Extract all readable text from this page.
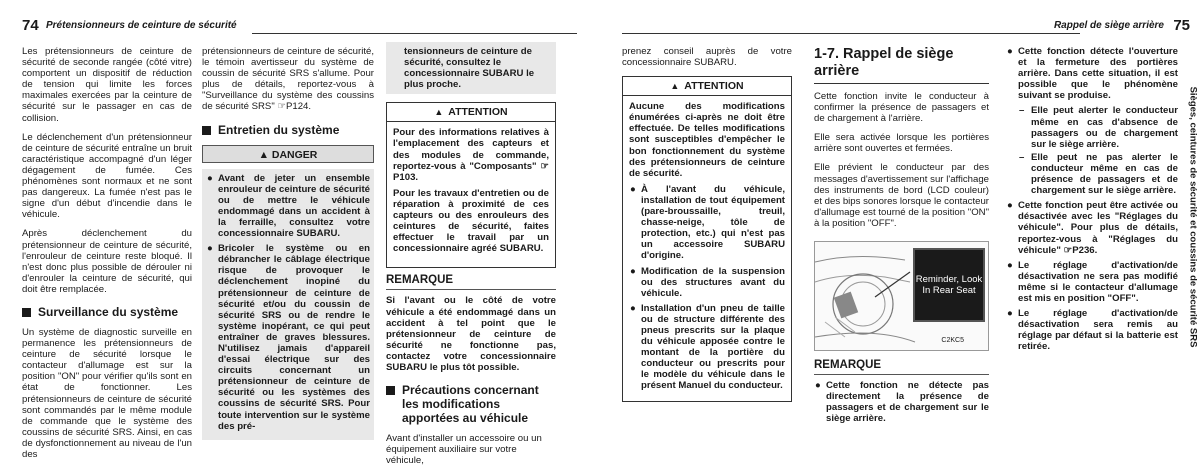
74 Prétensionneurs de ceinture de sécurité

Les prétensionneurs de ceinture de sécurité de seconde rangée (côté vitre) comportent un dispositif de réduction de tension qui limite les forces maximales exercées par la ceinture de sécurité sur le passager en cas de collision.

Le déclenchement d'un prétensionneur de ceinture de sécurité entraîne un bruit caractéristique accompagné d'un léger dégagement de fumée. Ces phénomènes sont normaux et ne sont pas dangereux. La fumée n'est pas le signe d'un début d'incendie dans le véhicule.

Après déclenchement du prétensionneur de ceinture de sécurité, l'enrouleur de ceinture reste bloqué. Il n'est donc plus possible de dérouler ni d'enrouler la ceinture de sécurité, qui doit être remplacée.

Surveillance du système

Un système de diagnostic surveille en permanence les prétensionneurs de ceinture de sécurité lorsque le contacteur d'allumage est sur la position "ON" pour vérifier qu'ils sont en état de fonctionner. Les prétensionneurs de ceinture de sécurité sont commandés par le même module de commande que le système des coussins de sécurité SRS. Ainsi, en cas de dysfonctionnement au niveau de l'un des

prétensionneurs de ceinture de sécurité, le témoin avertisseur du système de coussin de sécurité SRS s'allume. Pour plus de détails, reportez-vous à "Surveillance du système des coussins de sécurité SRS" ☞P124.

Entretien du système
▲ DANGER
● Avant de jeter un ensemble enrouleur de ceinture de sécurité ou de mettre le véhicule endommagé dans un accident à la ferraille, consultez votre concessionnaire SUBARU.
● Bricoler le système ou en débrancher le câblage électrique risque de provoquer le déclenchement inopiné du prétensionneur de ceinture de sécurité et/ou du coussin de sécurité SRS ou de rendre le système inopérant, ce qui peut entraîner de graves blessures. N'utilisez jamais d'appareil d'essai électrique sur des circuits concernant un prétensionneur de ceinture de sécurité ou les systèmes des coussins de sécurité SRS. Pour toute intervention sur le système des pré-
tensionneurs de ceinture de sécurité, consultez le concessionnaire SUBARU le plus proche.
▲ ATTENTION

Pour des informations relatives à l'emplacement des capteurs et des modules de commande, reportez-vous à "Composants" ☞P103.

Pour les travaux d'entretien ou de réparation à proximité de ces capteurs ou des enrouleurs des ceintures de sécurité, faites effectuer le travail par un concessionnaire agréé SUBARU.

REMARQUE

Si l'avant ou le côté de votre véhicule a été endommagé dans un accident à tel point que le prétensionneur de ceinture de sécurité ne fonctionne pas, contactez votre concessionnaire SUBARU le plus tôt possible.

Précautions concernant les modifications apportées au véhicule

Avant d'installer un accessoire ou un équipement auxiliaire sur votre véhicule,

Rappel de siège arrière 75
Sièges, ceintures de sécurité et coussins de sécurité SRS

prenez conseil auprès de votre concessionnaire SUBARU.

▲ ATTENTION

Aucune des modifications énumérées ci-après ne doit être effectuée. De telles modifications sont susceptibles d'empêcher le bon fonctionnement du système des prétensionneurs de ceinture de sécurité.

● À l'avant du véhicule, installation de tout équipement (pare-broussaille, treuil, chasse-neige, tôle de protection, etc.) qui n'est pas un accessoire SUBARU d'origine.
● Modification de la suspension ou des structures avant du véhicule.
● Installation d'un pneu de taille ou de structure différente des pneus prescrits sur la plaque du véhicule apposée contre le montant de la portière du conducteur ou prescrits pour le modèle du véhicule dans le présent Manuel du conducteur.
1-7. Rappel de siège arrière

Cette fonction invite le conducteur à confirmer la présence de passagers et de chargement à l'arrière.

Elle sera activée lorsque les portières arrière sont ouvertes et fermées.

Elle prévient le conducteur par des messages d'avertissement sur l'affichage des instruments de bord (LCD couleur) et des bips sonores lorsque le contacteur d'allumage est tourné de la position "ON" à la position "OFF".

Reminder, Look In Rear Seat
C2KC5
REMARQUE
● Cette fonction ne détecte pas directement la présence de passagers et de chargement sur le siège arrière.
● Cette fonction détecte l'ouverture et la fermeture des portières arrière. Dans cette situation, il est possible que le phénomène suivant se produise.
– Elle peut alerter le conducteur même en cas d'absence de passagers ou de chargement sur le siège arrière.
– Elle peut ne pas alerter le conducteur même en cas de présence de passagers et de chargement sur le siège arrière.
● Cette fonction peut être activée ou désactivée avec les "Réglages du véhicule". Pour plus de détails, reportez-vous à "Réglages du véhicule" ☞P236.
● Le réglage d'activation/de désactivation ne sera pas modifié même si le contacteur d'allumage est mis en position "OFF".
● Le réglage d'activation/de désactivation sera remis au réglage par défaut si la batterie est retirée.
